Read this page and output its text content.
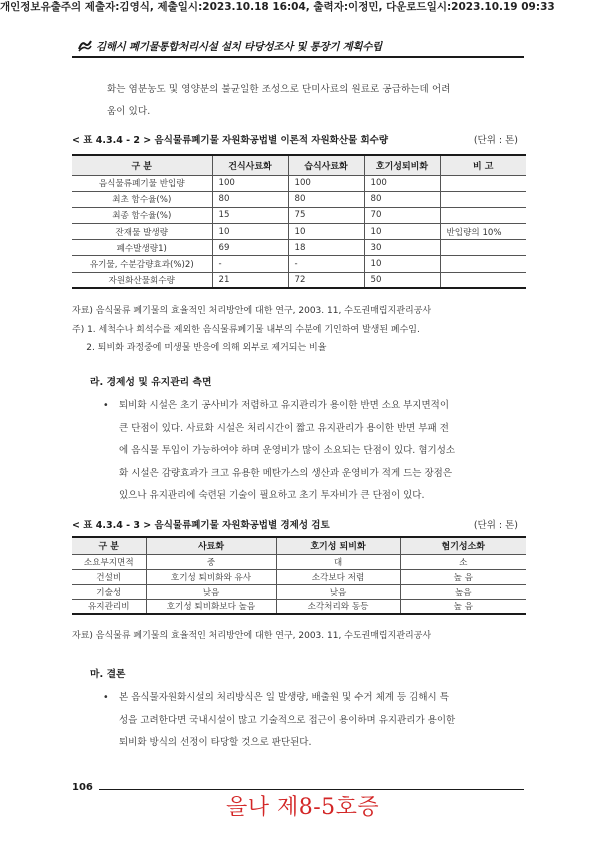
개인정보유출주의 제출자:김영식, 제출일시:2023.10.18 16:04, 출력자:이정민, 다운로드일시:2023.10.19 09:33
김해시 폐기물통합처리시설 설치 타당성조사 및 통장기 계획수립
화는 염분농도 및 영양분의 불균일한 조성으로 단미사료의 원료로 공급하는데 어려
움이 있다.
< 표 4.3.4 - 2 > 음식물류폐기물 자원화공법별 이론적 자원화산물 회수량	(단위 : 톤)
구 분	건식사료화	습식사료화	호기성퇴비화	비 고
음식물류폐기물 반입량	100	100	100	
최초 함수율(%)	80	80	80	
최종 함수율(%)	15	75	70	
잔재물 발생량	10	10	10	반입량의 10%
폐수발생량1)	69	18	30	
유기물, 수분감량효과(%)2)	-	-	10	
자원화산물회수량	21	72	50	
자료) 음식물류 폐기물의 효율적인 처리방안에 대한 연구, 2003. 11, 수도권매립지관리공사
주) 1. 세척수나 희석수를 제외한 음식물류폐기물 내부의 수분에 기인하여 발생된 폐수임.
2. 퇴비화 과정중에 미생물 반응에 의해 외부로 제거되는 비율
라. 경제성 및 유지관리 측면
• 퇴비화 시설은 초기 공사비가 저렴하고 유지관리가 용이한 반면 소요 부지면적이
큰 단점이 있다. 사료화 시설은 처리시간이 짧고 유지관리가 용이한 반면 부패 전
에 음식물 투입이 가능하여야 하며 운영비가 많이 소요되는 단점이 있다. 혐기성소
화 시설은 감량효과가 크고 유용한 메탄가스의 생산과 운영비가 적게 드는 장점은
있으나 유지관리에 숙련된 기술이 필요하고 초기 투자비가 큰 단점이 있다.
< 표 4.3.4 - 3 > 음식물류폐기물 자원화공법별 경제성 검토	(단위 : 톤)
구 분	사료화	호기성 퇴비화	혐기성소화
소요부지면적	중	대	소
건설비	호기성 퇴비화와 유사	소각보다 저렴	높 음
기술성	낮음	낮음	높음
유지관리비	호기성 퇴비화보다 높음	소각처리와 동등	높 음
자료) 음식물류 폐기물의 효율적인 처리방안에 대한 연구, 2003. 11, 수도권매립지관리공사
마. 결론
• 본 음식물자원화시설의 처리방식은 일 발생량, 배출원 및 수거 체계 등 김해시 특
성을 고려한다면 국내시설이 많고 기술적으로 접근이 용이하며 유지관리가 용이한
퇴비화 방식의 선정이 타당할 것으로 판단된다.
106
을나 제8-5호증
